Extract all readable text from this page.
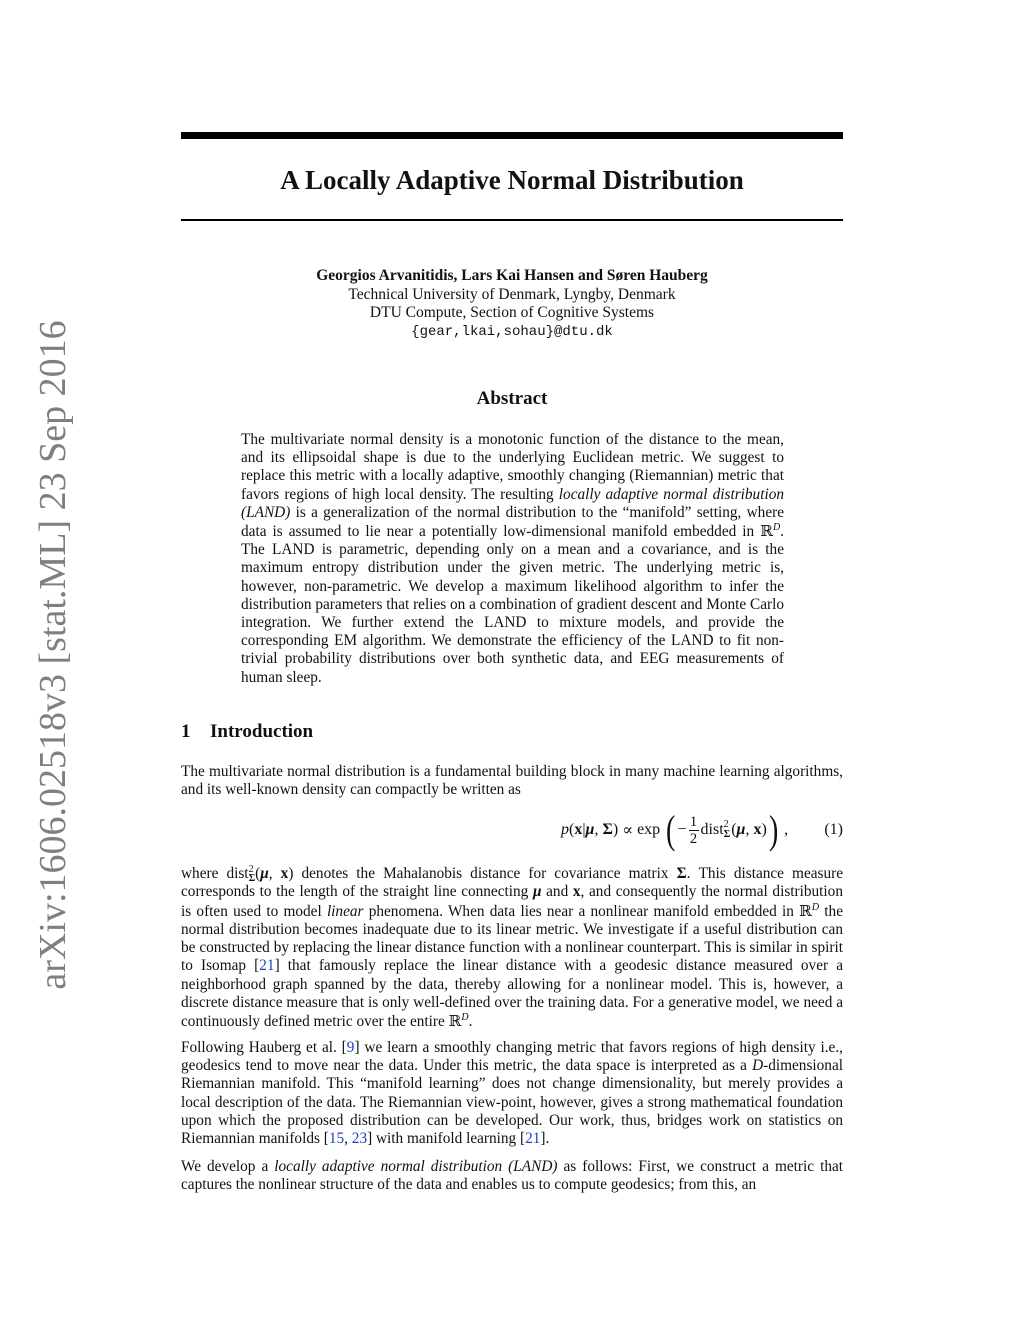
arXiv:1606.02518v3 [stat.ML] 23 Sep 2016
A Locally Adaptive Normal Distribution
Georgios Arvanitidis, Lars Kai Hansen and Søren Hauberg
Technical University of Denmark, Lyngby, Denmark
DTU Compute, Section of Cognitive Systems
{gear,lkai,sohau}@dtu.dk
Abstract
The multivariate normal density is a monotonic function of the distance to the mean, and its ellipsoidal shape is due to the underlying Euclidean metric. We suggest to replace this metric with a locally adaptive, smoothly changing (Riemannian) metric that favors regions of high local density. The resulting locally adaptive normal distribution (LAND) is a generalization of the normal distribution to the “manifold” setting, where data is assumed to lie near a potentially low-dimensional manifold embedded in ℝ$^D$. The LAND is parametric, depending only on a mean and a covariance, and is the maximum entropy distribution under the given metric. The underlying metric is, however, non-parametric. We develop a maximum likelihood algorithm to infer the distribution parameters that relies on a combination of gradient descent and Monte Carlo integration. We further extend the LAND to mixture models, and provide the corresponding EM algorithm. We demonstrate the efficiency of the LAND to fit non-trivial probability distributions over both synthetic data, and EEG measurements of human sleep.
1 Introduction
The multivariate normal distribution is a fundamental building block in many machine learning algorithms, and its well-known density can compactly be written as
p ( x | μ , Σ ) ∝
exp
( − $\frac{1}{2}$ dist 2
Σ ( μ , x ) ) , (1)
where dist 2
Σ (μ, x) denotes the Mahalanobis distance for covariance matrix Σ. This distance measure corresponds to the length of the straight line connecting μ and x, and consequently the normal distribution is often used to model linear phenomena. When data lies near a nonlinear manifold embedded in ℝ$^D$ the normal distribution becomes inadequate due to its linear metric. We investigate if a useful distribution can be constructed by replacing the linear distance function with a nonlinear counterpart. This is similar in spirit to Isomap [21] that famously replace the linear distance with a geodesic distance measured over a neighborhood graph spanned by the data, thereby allowing for a nonlinear model. This is, however, a discrete distance measure that is only well-defined over the training data. For a generative model, we need a continuously defined metric over the entire ℝ$^D$.
Following Hauberg et al. [9] we learn a smoothly changing metric that favors regions of high density i.e., geodesics tend to move near the data. Under this metric, the data space is interpreted as a D-dimensional Riemannian manifold. This “manifold learning” does not change dimensionality, but merely provides a local description of the data. The Riemannian view-point, however, gives a strong mathematical foundation upon which the proposed distribution can be developed. Our work, thus, bridges work on statistics on Riemannian manifolds [15, 23] with manifold learning [21].
We develop a locally adaptive normal distribution (LAND) as follows: First, we construct a metric that captures the nonlinear structure of the data and enables us to compute geodesics; from this, an
